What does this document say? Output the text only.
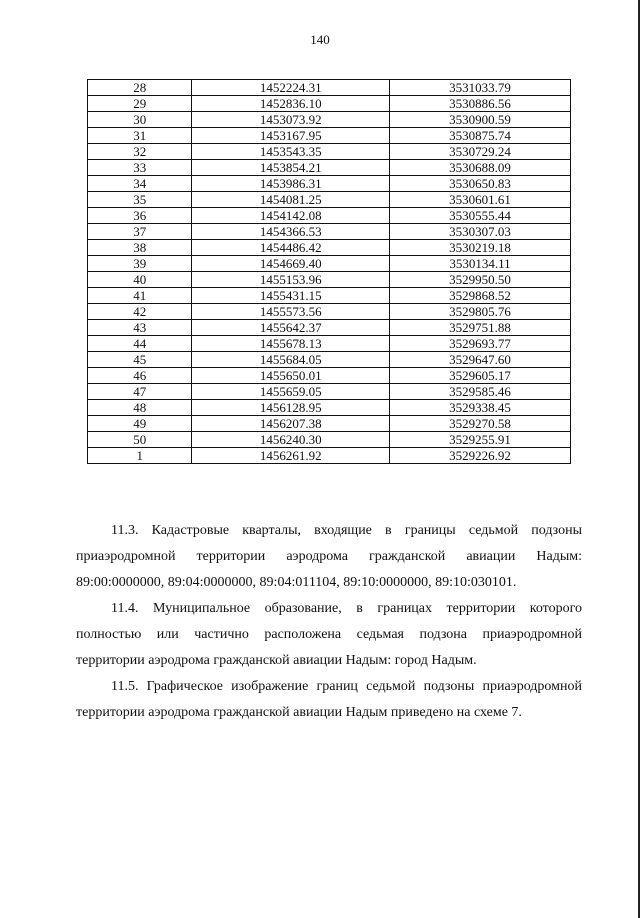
140
28	1452224.31	3531033.79
29	1452836.10	3530886.56
30	1453073.92	3530900.59
31	1453167.95	3530875.74
32	1453543.35	3530729.24
33	1453854.21	3530688.09
34	1453986.31	3530650.83
35	1454081.25	3530601.61
36	1454142.08	3530555.44
37	1454366.53	3530307.03
38	1454486.42	3530219.18
39	1454669.40	3530134.11
40	1455153.96	3529950.50
41	1455431.15	3529868.52
42	1455573.56	3529805.76
43	1455642.37	3529751.88
44	1455678.13	3529693.77
45	1455684.05	3529647.60
46	1455650.01	3529605.17
47	1455659.05	3529585.46
48	1456128.95	3529338.45
49	1456207.38	3529270.58
50	1456240.30	3529255.91
1	1456261.92	3529226.92

11.3. Кадастровые кварталы, входящие в границы седьмой подзоны
приаэродромной территории аэродрома гражданской авиации Надым:
89:00:0000000, 89:04:0000000, 89:04:011104, 89:10:0000000, 89:10:030101.

11.4. Муниципальное образование, в границах территории которого
полностью или частично расположена седьмая подзона приаэродромной
территории аэродрома гражданской авиации Надым: город Надым.

11.5. Графическое изображение границ седьмой подзоны приаэродромной
территории аэродрома гражданской авиации Надым приведено на схеме 7.
